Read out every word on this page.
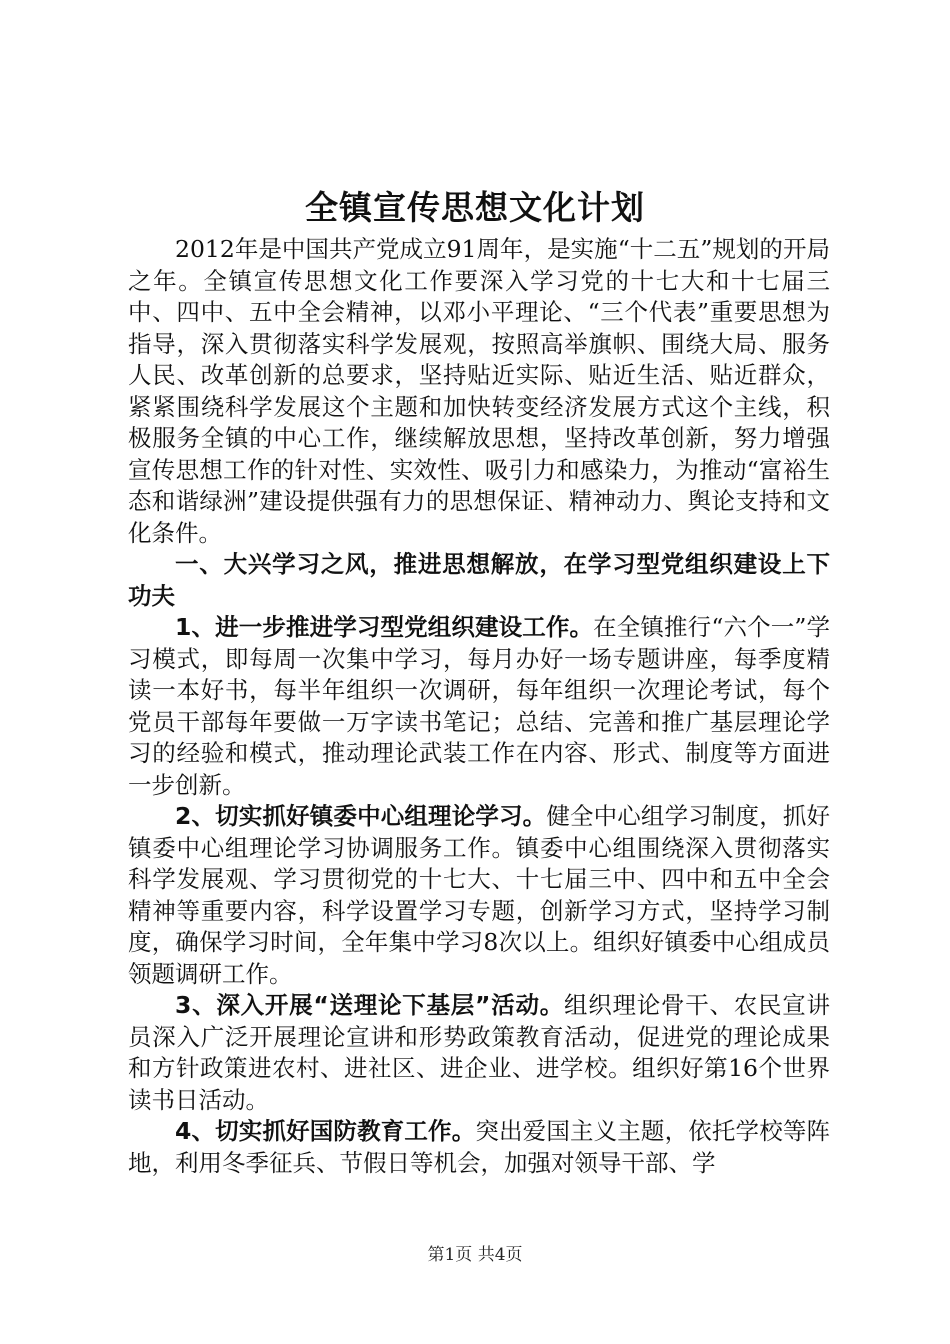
全镇宣传思想文化计划

2012年是中国共产党成立91周年，是实施“十二五”规划的开局之年。全镇宣传思想文化工作要深入学习党的十七大和十七届三中、四中、五中全会精神，以邓小平理论、“三个代表”重要思想为指导，深入贯彻落实科学发展观，按照高举旗帜、围绕大局、服务人民、改革创新的总要求，坚持贴近实际、贴近生活、贴近群众，紧紧围绕科学发展这个主题和加快转变经济发展方式这个主线，积极服务全镇的中心工作，继续解放思想，坚持改革创新，努力增强宣传思想工作的针对性、实效性、吸引力和感染力，为推动“富裕生态和谐绿洲”建设提供强有力的思想保证、精神动力、舆论支持和文化条件。

一、大兴学习之风，推进思想解放，在学习型党组织建设上下功夫

1、进一步推进学习型党组织建设工作。在全镇推行“六个一”学习模式，即每周一次集中学习，每月办好一场专题讲座，每季度精读一本好书，每半年组织一次调研，每年组织一次理论考试，每个党员干部每年要做一万字读书笔记；总结、完善和推广基层理论学习的经验和模式，推动理论武装工作在内容、形式、制度等方面进一步创新。

2、切实抓好镇委中心组理论学习。健全中心组学习制度，抓好镇委中心组理论学习协调服务工作。镇委中心组围绕深入贯彻落实科学发展观、学习贯彻党的十七大、十七届三中、四中和五中全会精神等重要内容，科学设置学习专题，创新学习方式，坚持学习制度，确保学习时间，全年集中学习8次以上。组织好镇委中心组成员领题调研工作。

3、深入开展“送理论下基层”活动。组织理论骨干、农民宣讲员深入广泛开展理论宣讲和形势政策教育活动，促进党的理论成果和方针政策进农村、进社区、进企业、进学校。组织好第16个世界读书日活动。

4、切实抓好国防教育工作。突出爱国主义主题，依托学校等阵地，利用冬季征兵、节假日等机会，加强对领导干部、学

第1页 共4页
